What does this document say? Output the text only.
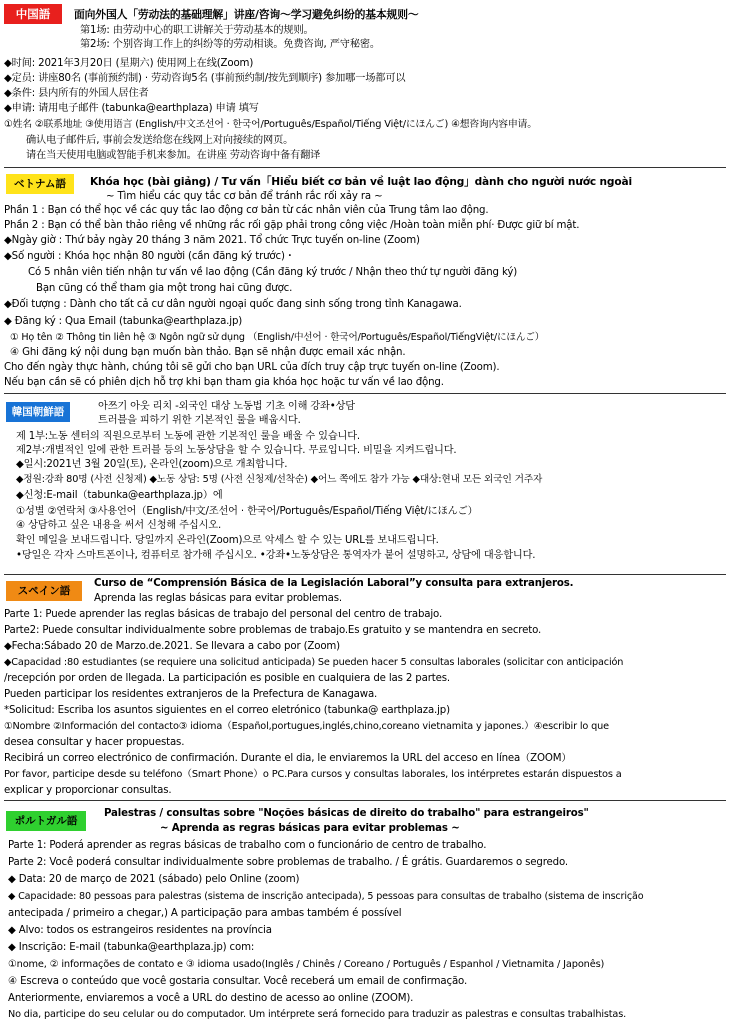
中国語	面向外国人「劳动法的基础理解」讲座/咨询～学习避免纠纷的基本规则～
第1场: 由劳动中心的职工讲解关于劳动基本的规则。
第2场: 个别咨询工作上的纠纷等的劳动相谈。免费咨询, 严守秘密。
◆时间: 2021年3月20日 (星期六) 使用网上在线(Zoom)
◆定员: 讲座80名 (事前预约制) · 劳动咨询5名 (事前预约制/按先到顺序) 参加哪一场都可以
◆条件: 县内所有的外国人居住者
◆申请: 请用电子邮件 (tabunka@earthplaza) 申请 填写
①姓名 ②联系地址 ③使用语言 (English/中文조선어 · 한국어/Português/Español/Tiếng Việt/にほんご) ④想咨询内容申请。
确认电子邮件后, 事前会发送给您在线网上对向接续的网页。
请在当天使用电脑或智能手机来参加。在讲座 劳动咨询中备有翻译
ベトナム語	Khóa học (bài giảng) / Tư vấn「Hiểu biết cơ bản về luật lao động」dành cho người nước ngoài
~ Tìm hiểu các quy tắc cơ bản để tránh rắc rối xảy ra ~
Phần 1 : Bạn có thể học về các quy tắc lao động cơ bản từ các nhân viên của Trung tâm lao động.
Phần 2 : Bạn có thể bàn thảo riêng về những rắc rối gặp phải trong công việc /Hoàn toàn miễn phí· Được giữ bí mật.
◆Ngày giờ : Thứ bảy ngày 20 tháng 3 năm 2021. Tổ chức Trực tuyến on-line (Zoom)
◆Số người : Khóa học nhận 80 người (cần đăng ký trước)・
Có 5 nhân viên tiến nhận tư vấn về lao động (Cần đăng ký trước / Nhận theo thứ tự người đăng ký)
Bạn cũng có thể tham gia một trong hai cũng được.
◆Đối tượng : Dành cho tất cả cư dân người ngoại quốc đang sinh sống trong tỉnh Kanagawa.
◆ Đăng ký : Qua Email (tabunka@earthplaza.jp)
① Họ tên ② Thông tin liên hệ ③ Ngôn ngữ sử dụng （English/中선어 · 한국어/Português/Español/TiếngViệt/にほんご）
④ Ghi đăng ký nội dung bạn muốn bàn thảo. Bạn sẽ nhận được email xác nhận.
Cho đến ngày thực hành, chúng tôi sẽ gửi cho bạn URL của đích truy cập trực tuyến on-line (Zoom).
Nếu bạn cần sẽ có phiên dịch hỗ trợ khi bạn tham gia khóa học hoặc tư vấn về lao động.
韓国朝鮮語	아쯔기 아웃 리치 -외국인 대상 노동법 기초 이해 강좌•상담
트러블을 피하기 위한 기본적인 룰을 배웁시다.
제 1부:노동 센터의 직원으로부터 노동에 관한 기본적인 룰을 배울 수 있습니다.
제2부:개별적인 일에 관한 트러블 등의 노동상담을 할 수 있습니다. 무료입니다. 비밀을 지켜드립니다.
◆일시:2021년 3월 20일(토), 온라인(zoom)으로 개최합니다.
◆정원:강좌 80명 (사전 신청제) ◆노동 상담: 5명 (사전 신청제/선착순) ◆어느 쪽에도 참가 가능 ◆대상:현내 모든 외국인 거주자
◆신청:E-mail（tabunka@earthplaza.jp）에
①성별 ②연락처 ③사용언어（English/中文/조선어 · 한국어/Português/Español/Tiếng Việt/にほんご）
④ 상담하고 싶은 내용을 써서 신청해 주십시오.
확인 메일을 보내드립니다. 당일까지 온라인(Zoom)으로 악세스 할 수 있는 URL를 보내드립니다.
•당일은 각자 스마트폰이나, 컴퓨터로 참가해 주십시오. •강좌•노동상담은 통역자가 붙어 설명하고, 상담에 대응합니다.
スペイン語
Curso de “Comprensión Básica de la Legislación Laboral”y consulta para extranjeros.
Aprenda las reglas básicas para evitar problemas.
Parte 1: Puede aprender las reglas básicas de trabajo del personal del centro de trabajo.
Parte2: Puede consultar individualmente sobre problemas de trabajo.Es gratuito y se mantendra en secreto.
◆Fecha:Sábado 20 de Marzo.de.2021. Se llevara a cabo por (Zoom)
◆Capacidad :80 estudiantes (se requiere una solicitud anticipada) Se pueden hacer 5 consultas laborales (solicitar con anticipación
/recepción por orden de llegada. La participación es posible en cualquiera de las 2 partes.
Pueden participar los residentes extranjeros de la Prefectura de Kanagawa.
*Solicitud: Escriba los asuntos siguientes en el correo eletrónico (tabunka@ earthplaza.jp)
①Nombre ②Información del contacto③ idioma（Español,portugues,inglés,chino,coreano vietnamita y japones.）④escribir lo que
desea consultar y hacer propuestas.
Recibirá un correo electrónico de confirmación. Durante el dia, le enviaremos la URL del acceso en línea（ZOOM）
Por favor, participe desde su teléfono（Smart Phone）o PC.Para cursos y consultas laborales, los intérpretes estarán dispuestos a
explicar y proporcionar consultas.
ポルトガル語
Palestras / consultas sobre "Noções básicas de direito do trabalho" para estrangeiros"
~ Aprenda as regras básicas para evitar problemas ~
Parte 1: Poderá aprender as regras básicas de trabalho com o funcionário de centro de trabalho.
Parte 2: Você poderá consultar individualmente sobre problemas de trabalho. / É grátis. Guardaremos o segredo.
◆ Data: 20 de março de 2021 (sábado) pelo Online (zoom)
◆ Capacidade: 80 pessoas para palestras (sistema de inscrição antecipada), 5 pessoas para consultas de trabalho (sistema de inscrição
antecipada / primeiro a chegar,) A participação para ambas também é possível
◆ Alvo: todos os estrangeiros residentes na província
◆ Inscrição: E-mail (tabunka@earthplaza.jp) com:
①nome, ② informações de contato e ③ idioma usado(Inglês / Chinês / Coreano / Português / Espanhol / Vietnamita / Japonês)
④ Escreva o conteúdo que você gostaria consultar. Você receberá um email de confirmação.
Anteriormente, enviaremos a você a URL do destino de acesso ao online (ZOOM).
No dia, participe do seu celular ou do computador. Um intérprete será fornecido para traduzir as palestras e consultas trabalhistas.
